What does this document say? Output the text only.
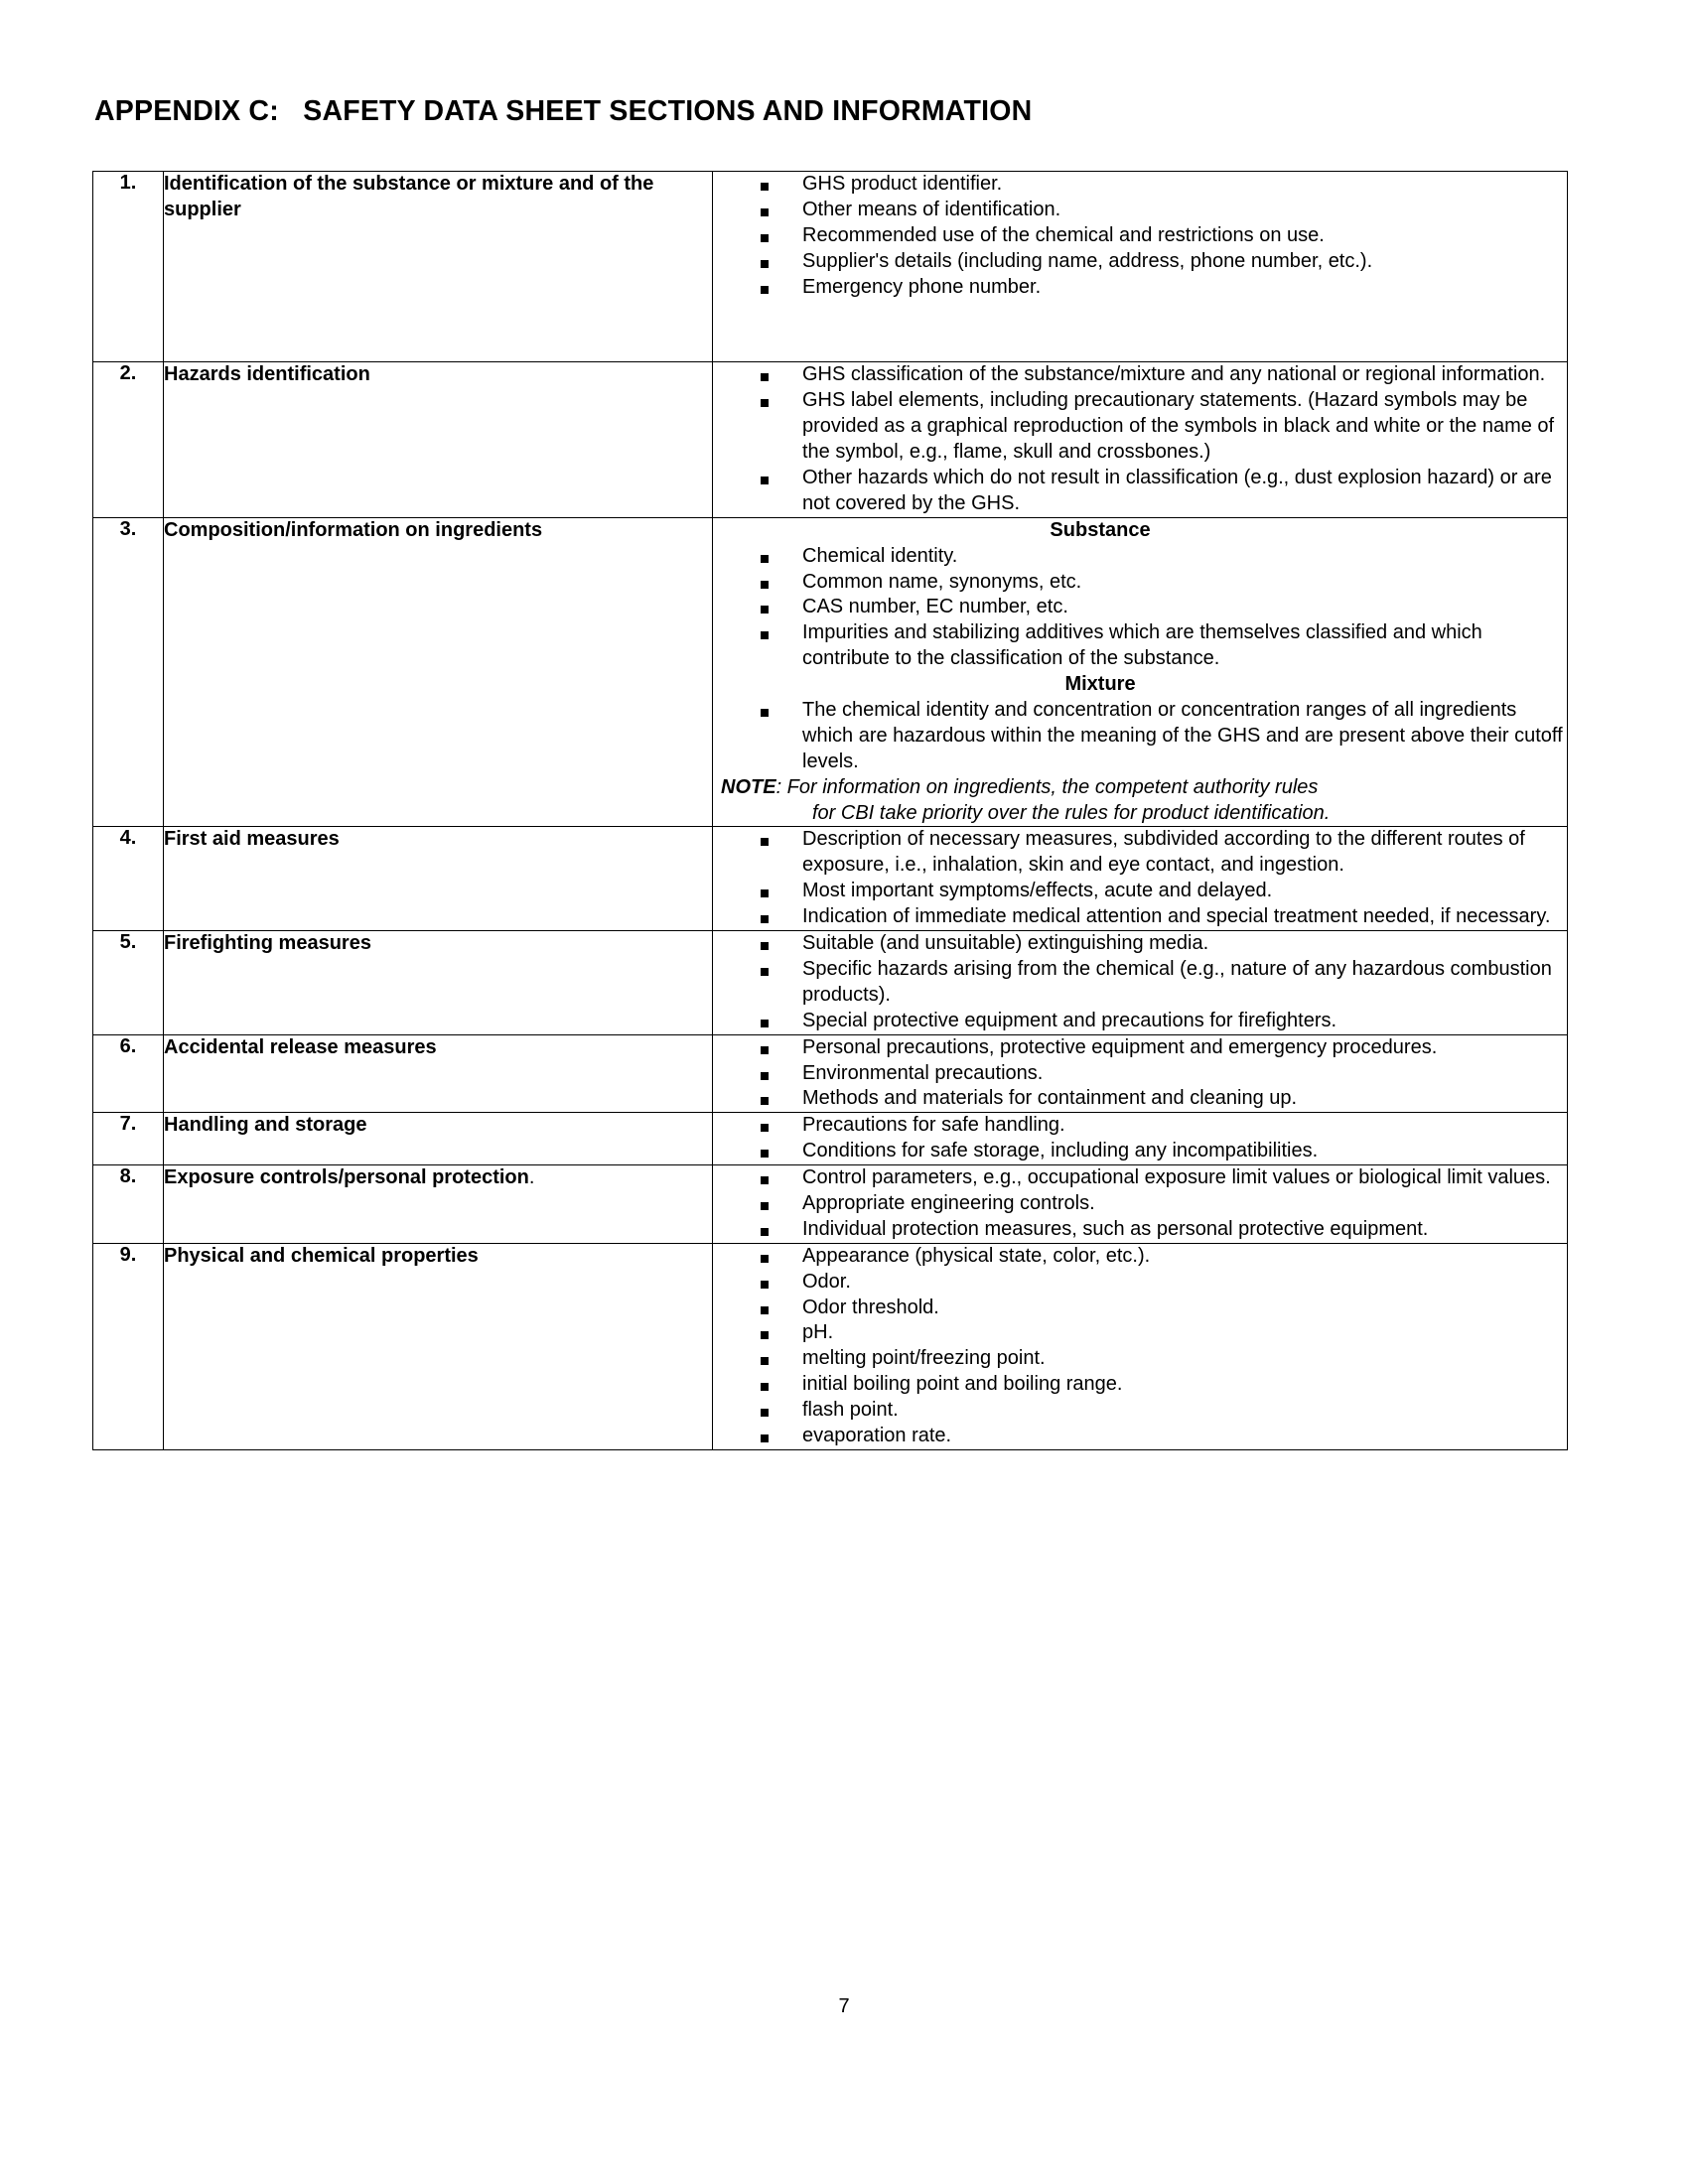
APPENDIX C:   SAFETY DATA SHEET SECTIONS AND INFORMATION
1.	Identification of the substance or mixture and of the supplier	
GHS product identifier.
Other means of identification.
Recommended use of the chemical and restrictions on use.
Supplier's details (including name, address, phone number, etc.).
Emergency phone number.

2.	Hazards identification	GHS classification of the substance/mixture and any national or regional information.
GHS label elements, including precautionary statements. (Hazard symbols may be provided as a graphical reproduction of the symbols in black and white or the name of the symbol, e.g., flame, skull and crossbones.)
Other hazards which do not result in classification (e.g., dust explosion hazard) or are not covered by the GHS.

3.	Composition/information on ingredients	Substance
Chemical identity.
Common name, synonyms, etc.
CAS number, EC number, etc.
Impurities and stabilizing additives which are themselves classified and which contribute to the classification of the substance.
Mixture
The chemical identity and concentration or concentration ranges of all ingredients which are hazardous within the meaning of the GHS and are present above their cutoff levels.
NOTE: For information on ingredients, the competent authority rules
for CBI take priority over the rules for product identification.

4.	First aid measures	Description of necessary measures, subdivided according to the different routes of exposure, i.e., inhalation, skin and eye contact, and ingestion.
Most important symptoms/effects, acute and delayed.
Indication of immediate medical attention and special treatment needed, if necessary.

5.	Firefighting measures	Suitable (and unsuitable) extinguishing media.
Specific hazards arising from the chemical (e.g., nature of any hazardous combustion products).
Special protective equipment and precautions for firefighters.

6.	Accidental release measures	Personal precautions, protective equipment and emergency procedures.
Environmental precautions.
Methods and materials for containment and cleaning up.

7.	Handling and storage	Precautions for safe handling.
Conditions for safe storage, including any incompatibilities.

8.	Exposure controls/personal protection.	Control parameters, e.g., occupational exposure limit values or biological limit values.
Appropriate engineering controls.
Individual protection measures, such as personal protective equipment.

9.	Physical and chemical properties	Appearance (physical state, color, etc.).
Odor.
Odor threshold.
pH.
melting point/freezing point.
initial boiling point and boiling range.
flash point.
evaporation rate.
7
